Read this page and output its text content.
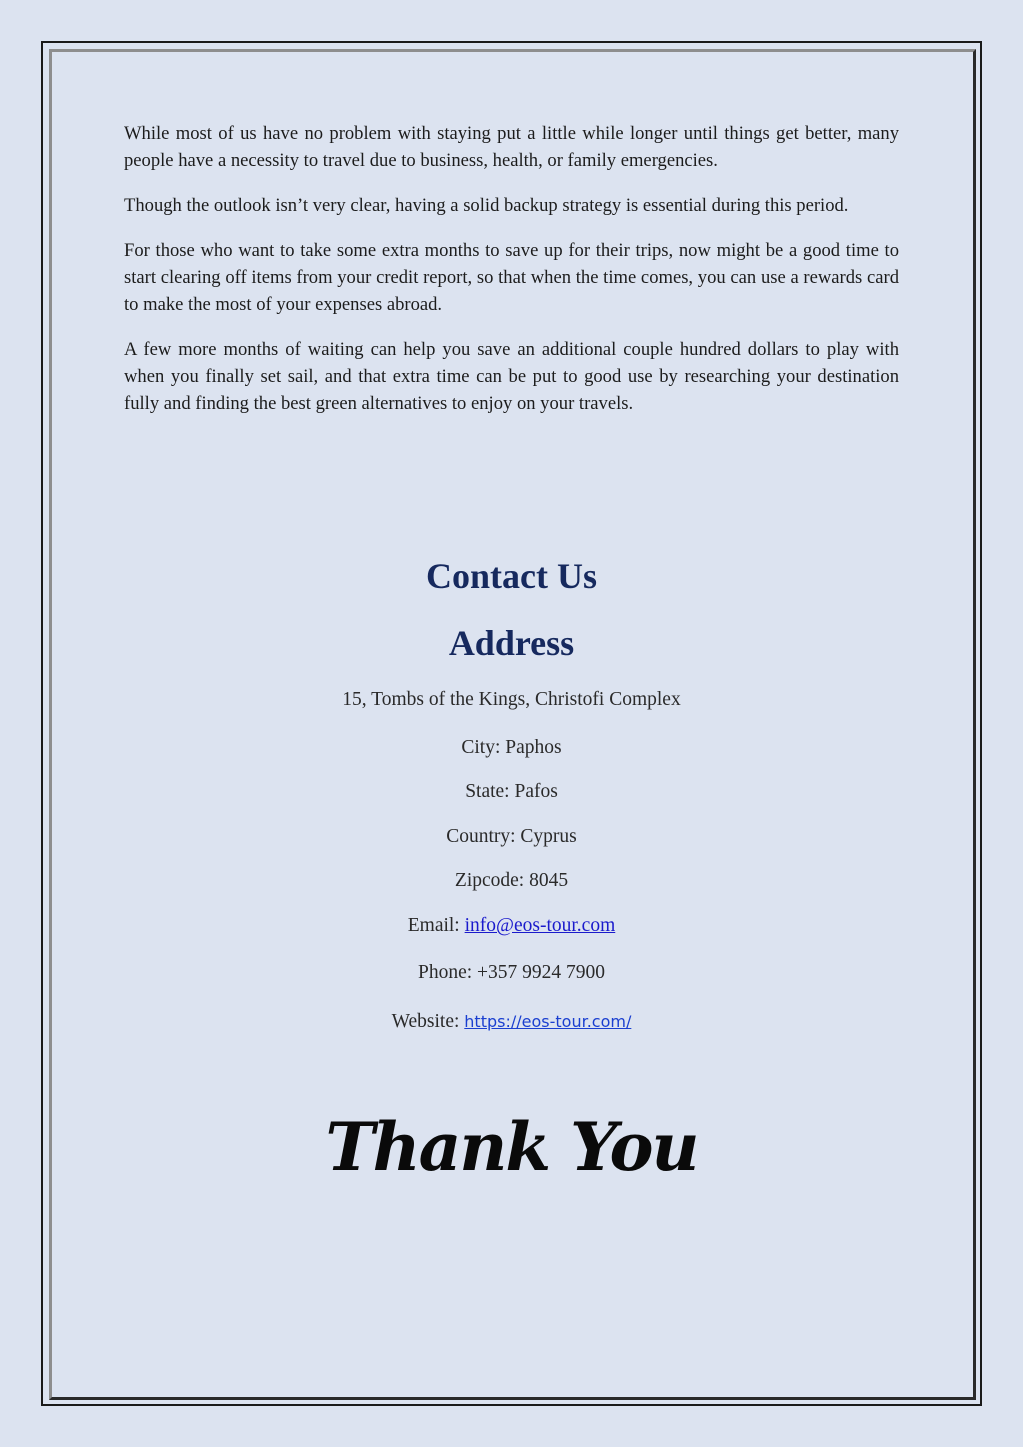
While most of us have no problem with staying put a little while longer until things get better, many people have a necessity to travel due to business, health, or family emergencies.

Though the outlook isn’t very clear, having a solid backup strategy is essential during this period.

For those who want to take some extra months to save up for their trips, now might be a good time to start clearing off items from your credit report, so that when the time comes, you can use a rewards card to make the most of your expenses abroad.

A few more months of waiting can help you save an additional couple hundred dollars to play with when you finally set sail, and that extra time can be put to good use by researching your destination fully and finding the best green alternatives to enjoy on your travels.

Contact Us
Address
15, Tombs of the Kings, Christofi Complex
City: Paphos
State: Pafos
Country: Cyprus
Zipcode: 8045
Email: info@eos-tour.com
Phone: +357 9924 7900
Website: https://eos-tour.com/
Thank You
